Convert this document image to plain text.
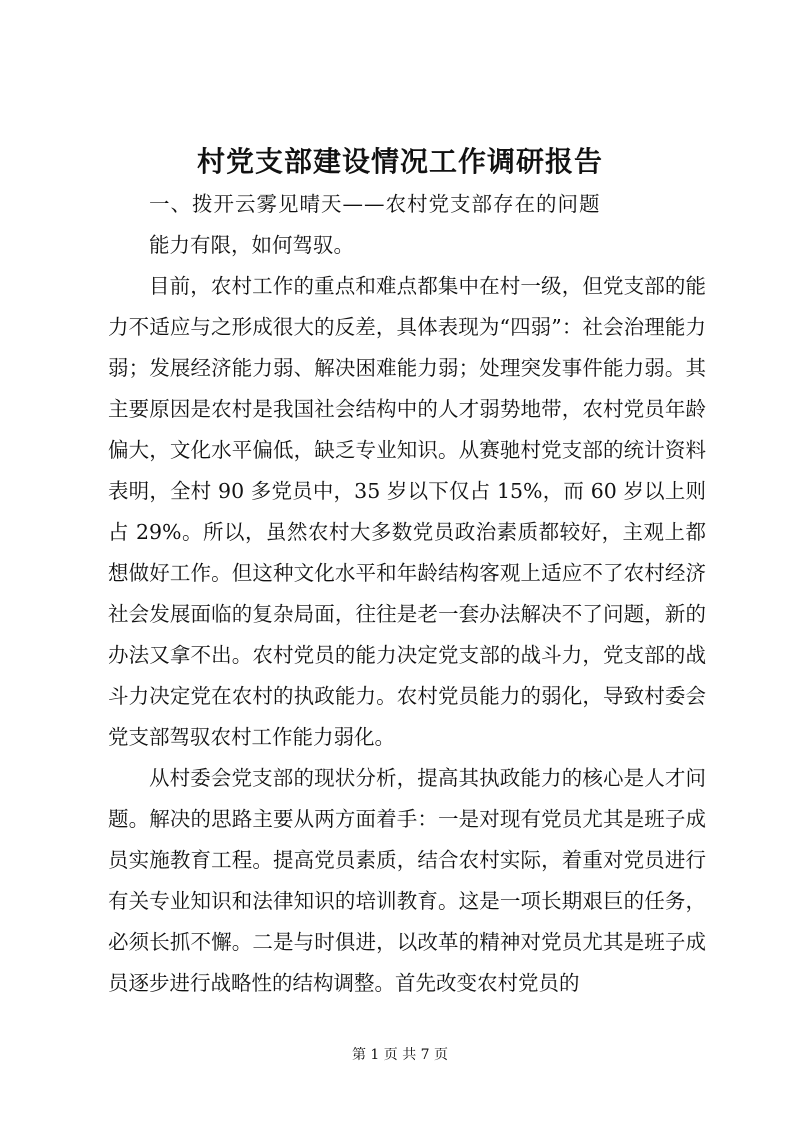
村党支部建设情况工作调研报告

一、拨开云雾见晴天——农村党支部存在的问题

能力有限，如何驾驭。

目前，农村工作的重点和难点都集中在村一级，但党支部的能力不适应与之形成很大的反差，具体表现为“四弱”：社会治理能力弱；发展经济能力弱、解决困难能力弱；处理突发事件能力弱。其主要原因是农村是我国社会结构中的人才弱势地带，农村党员年龄偏大，文化水平偏低，缺乏专业知识。从赛驰村党支部的统计资料表明，全村 90 多党员中，35 岁以下仅占 15%，而 60 岁以上则占 29%。所以，虽然农村大多数党员政治素质都较好，主观上都想做好工作。但这种文化水平和年龄结构客观上适应不了农村经济社会发展面临的复杂局面，往往是老一套办法解决不了问题，新的办法又拿不出。农村党员的能力决定党支部的战斗力，党支部的战斗力决定党在农村的执政能力。农村党员能力的弱化，导致村委会党支部驾驭农村工作能力弱化。

从村委会党支部的现状分析，提高其执政能力的核心是人才问题。解决的思路主要从两方面着手：一是对现有党员尤其是班子成员实施教育工程。提高党员素质，结合农村实际，着重对党员进行有关专业知识和法律知识的培训教育。这是一项长期艰巨的任务，必须长抓不懈。二是与时俱进，以改革的精神对党员尤其是班子成员逐步进行战略性的结构调整。首先改变农村党员的

第 1 页 共 7 页
